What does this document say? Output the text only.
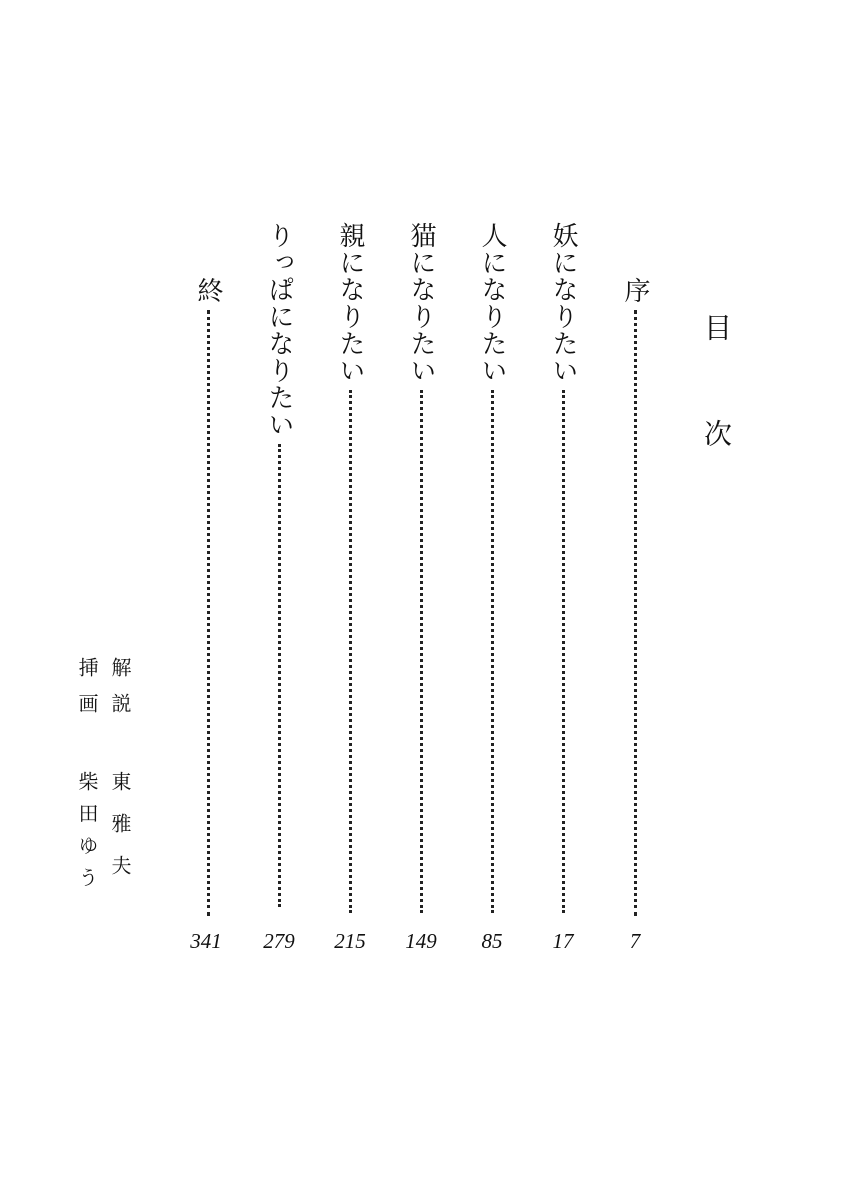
目次
序
7
妖になりたい
17
人になりたい
85
猫になりたい
149
親になりたい
215
りっぱになりたい
279
終
341
解説
東雅夫
挿画
柴田ゆう
